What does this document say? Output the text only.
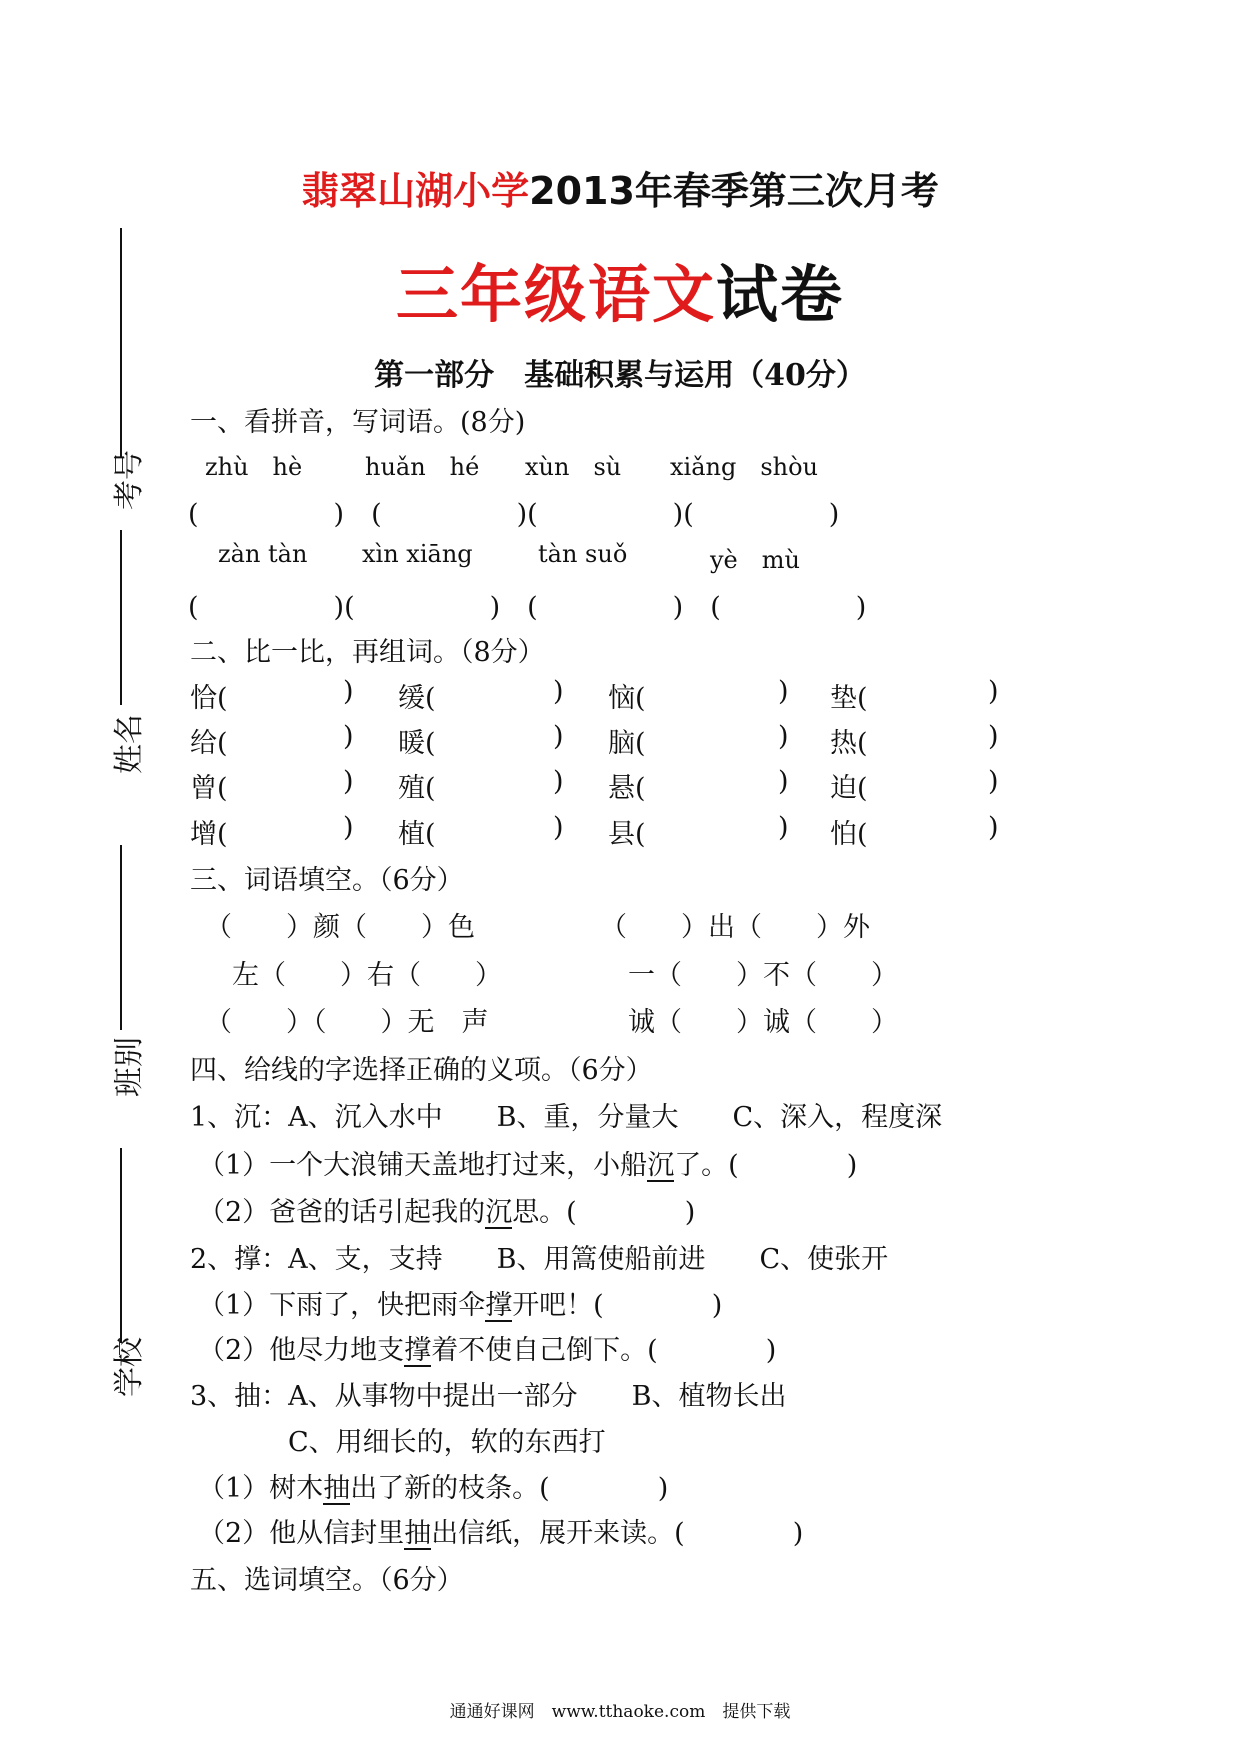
考号
姓名
班别
学校
翡翠山湖小学2013年春季第三次月考
三年级语文试卷
第一部分　基础积累与运用（40分）
一、看拼音，写词语。(8分)
zhù　hè	huǎn　hé xùn　sù xiǎng　shòu
(　　　　　)　(　　　　　)(　　　　　)(　　　　　)
zàn tàn xìn xiāng	tàn suǒ	yè　mù
(　　　　　)(　　　　　)　(　　　　　)　(　　　　　)
二、比一比，再组词。（8分）
恰(	) 缓(	) 恼(	) 垫(	)
给(	) 暖(	) 脑(	) 热(	)
曾(	) 殖(	) 悬(	) 迫(	)
增(	) 植(	) 县(	) 怕(	)
三、词语填空。（6分）
（　　）颜（　　）色	（　　）出（　　）外
左（　　）右（　　）	一（　　）不（　　）
（　　）（　　）无　声	诚（　　）诚（　　）
四、给线的字选择正确的义项。（6分）
1、沉：A、沉入水中　　B、重，分量大　　C、深入，程度深
（1）一个大浪铺天盖地打过来，小船沉了。(　　　　)
（2）爸爸的话引起我的沉思。(　　　　)
2、撑：A、支，支持　　B、用篙使船前进　　C、使张开
（1）下雨了，快把雨伞撑开吧！(　　　　)
（2）他尽力地支撑着不使自己倒下。(　　　　)
3、抽：A、从事物中提出一部分　　B、植物长出
C、用细长的，软的东西打
（1）树木抽出了新的枝条。(　　　　)
（2）他从信封里抽出信纸，展开来读。(　　　　)
五、选词填空。（6分）
通通好课网　www.tthaoke.com　提供下载
